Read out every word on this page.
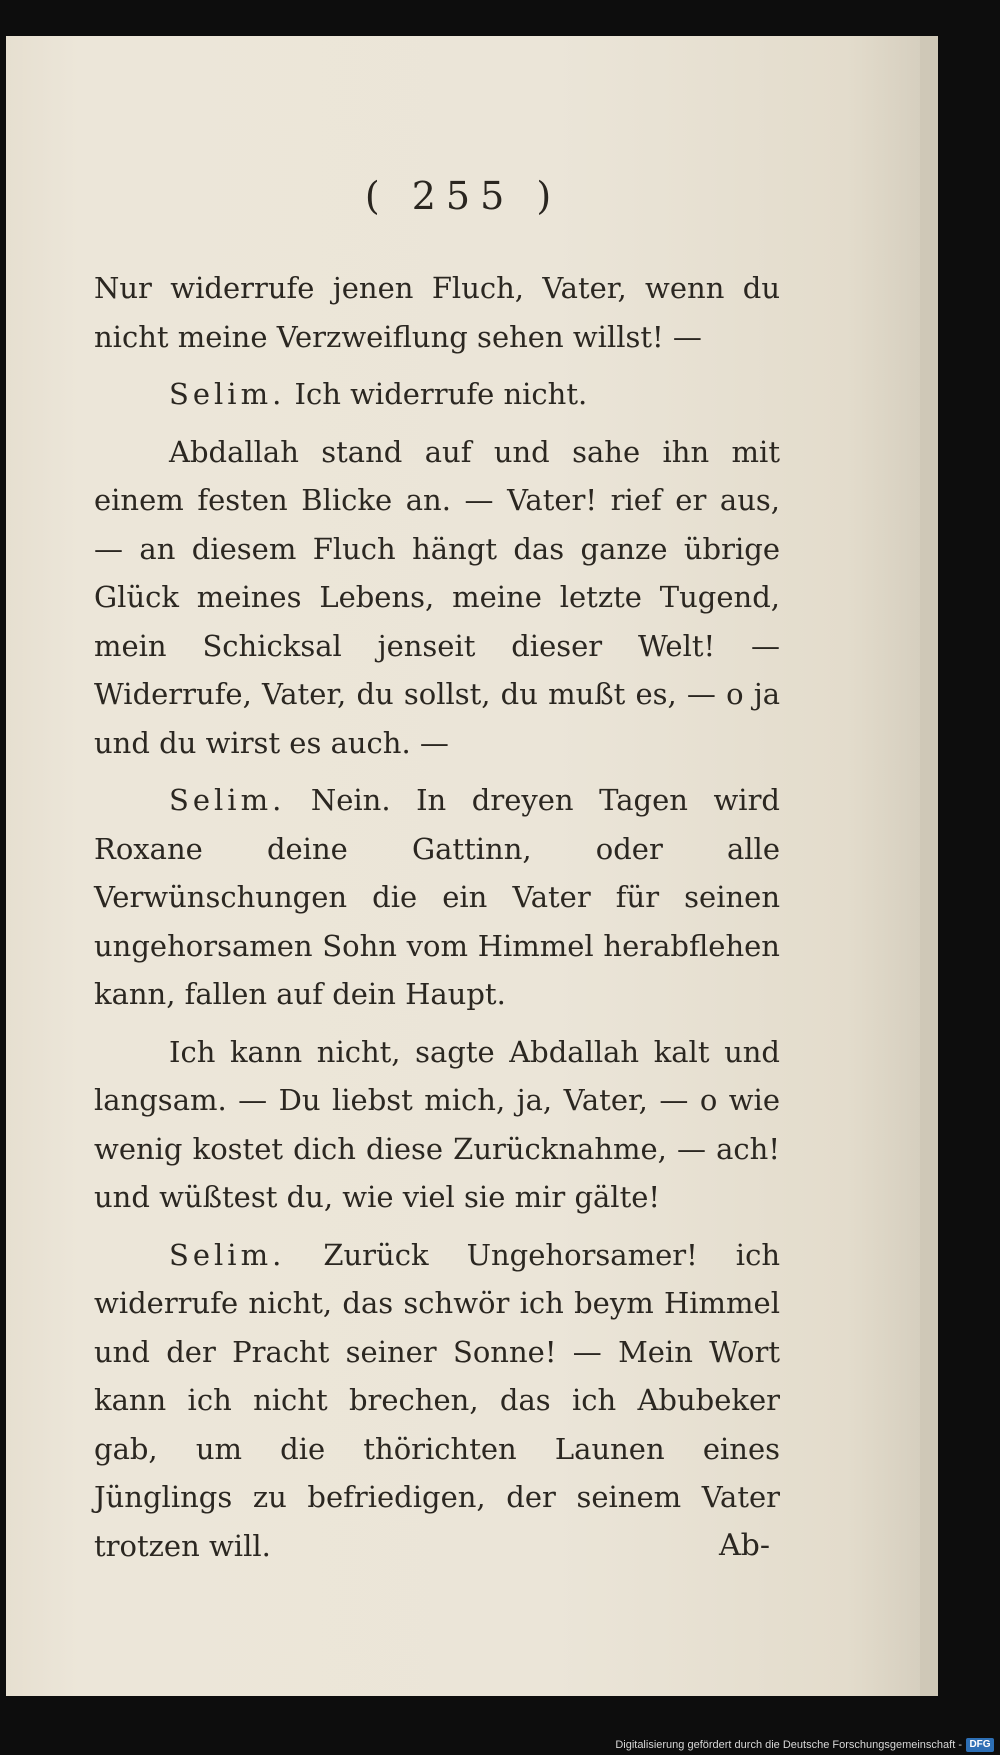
( 255 )

Nur widerrufe jenen Fluch, Vater, wenn du nicht meine Verzweiflung sehen willst! —

Selim. Ich widerrufe nicht.

Abdallah stand auf und sahe ihn mit einem festen Blicke an. — Vater! rief er aus, — an diesem Fluch hängt das ganze übrige Glück meines Lebens, meine letzte Tugend, mein Schicksal jenseit dieser Welt! — Widerrufe, Vater, du sollst, du mußt es, — o ja und du wirst es auch. —

Selim. Nein. In dreyen Tagen wird Roxane deine Gattinn, oder alle Verwünschungen die ein Vater für seinen ungehorsamen Sohn vom Himmel herabflehen kann, fallen auf dein Haupt.

Ich kann nicht, sagte Abdallah kalt und langsam. — Du liebst mich, ja, Vater, — o wie wenig kostet dich diese Zurücknahme, — ach! und wüßtest du, wie viel sie mir gälte!

Selim. Zurück Ungehorsamer! ich widerrufe nicht, das schwör ich beym Himmel und der Pracht seiner Sonne! — Mein Wort kann ich nicht brechen, das ich Abubeker gab, um die thörichten Launen eines Jünglings zu befriedigen, der seinem Vater trotzen will.	Ab-
Digitalisierung gefördert durch die Deutsche Forschungsgemeinschaft - DFG
